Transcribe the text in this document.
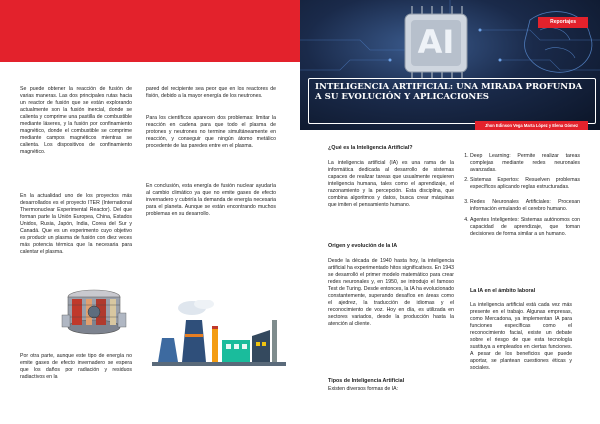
Se puede obtener la reacción de fusión de varias maneras. Las dos principales rutas hacia un reactor de fusión que se están explorando actualmente son la fusión inercial, donde se calienta y comprime una pastilla de combustible mediante láseres, y la fusión por confinamiento magnético, donde el combustible se comprime mediante campos magnéticos mientras se calienta. Los dispositivos de confinamiento magnético.

En la actualidad uno de los proyectos más desarrollados es el proyecto ITER (International Thermonuclear Experimental Reactor). Del que forman parte la Unión Europea, China, Estados Unidos, Rusia, Japón, India, Corea del Sur y Canadá. Que es un experimento cuyo objetivo es producir un plasma de fusión con diez veces más potencia térmica que la necesaria para calentar el plasma.

Por otra parte, aunque este tipo de energía no emite gases de efecto invernadero se espera que los daños por radiación y residuos radiactivos en la

pared del recipiente sea peor que en los reactores de fisión, debido a la mayor energía de los neutrones.

Para los científicos aparecen dos problemas: limitar la reacción en cadena para que todo el plasma de protones y neutrones no termine simultáneamente en reacción, y conseguir que ningún átomo metálico procedente de las paredes entre en el plasma.

En conclusión, esta energía de fusión nuclear ayudaría al cambio climático ya que no emite gases de efecto invernadero y cubriría la demanda de energía necesaria para el planeta. Aunque se están encontrando muchos problemas en su desarrollo.

AI
Reportajes
INTELIGENCIA ARTIFICIAL: UNA MIRADA PROFUNDA A SU EVOLUCIÓN Y APLICACIONES
Jhon Edinson Vega Marta López y Elena Gómez
¿Qué es la Inteligencia Artificial?

La inteligencia artificial (IA) es una rama de la informática dedicada al desarrollo de sistemas capaces de realizar tareas que usualmente requieren inteligencia humana, tales como el aprendizaje, el razonamiento y la percepción. Esta disciplina, que combina algoritmos y datos, busca crear máquinas que imiten el pensamiento humano.

Origen y evolución de la IA

Desde la década de 1940 hasta hoy, la inteligencia artificial ha experimentado hitos significativos. En 1943 se desarrolló el primer modelo matemático para crear redes neuronales y, en 1950, se introdujo el famoso Test de Turing. Desde entonces, la IA ha evolucionado constantemente, superando desafíos en áreas como el ajedrez, la traducción de idiomas y el reconocimiento de voz. Hoy en día, es utilizada en sectores variados, desde la producción hasta la atención al cliente.

Tipos de Inteligencia Artificial

Existen diversos formas de IA:

1. Deep Learning: Permite realizar tareas complejas mediante redes neuronales avanzadas.
2. Sistemas Expertos: Resuelven problemas específicos aplicando reglas estructuradas.
3. Redes Neuronales Artificiales: Procesan información emulando el cerebro humano.
4. Agentes Inteligentes: Sistemas autónomos con capacidad de aprendizaje, que toman decisiones de forma similar a un humano.
La IA en el ámbito laboral

La inteligencia artificial está cada vez más presente en el trabajo. Algunas empresas, como Mercadona, ya implementan IA para funciones específicas como el reconocimiento facial, existe un debate sobre el riesgo de que esta tecnología sustituya a empleados en ciertas funciones. A pesar de los beneficios que puede aportar, se plantean cuestiones éticas y sociales.
